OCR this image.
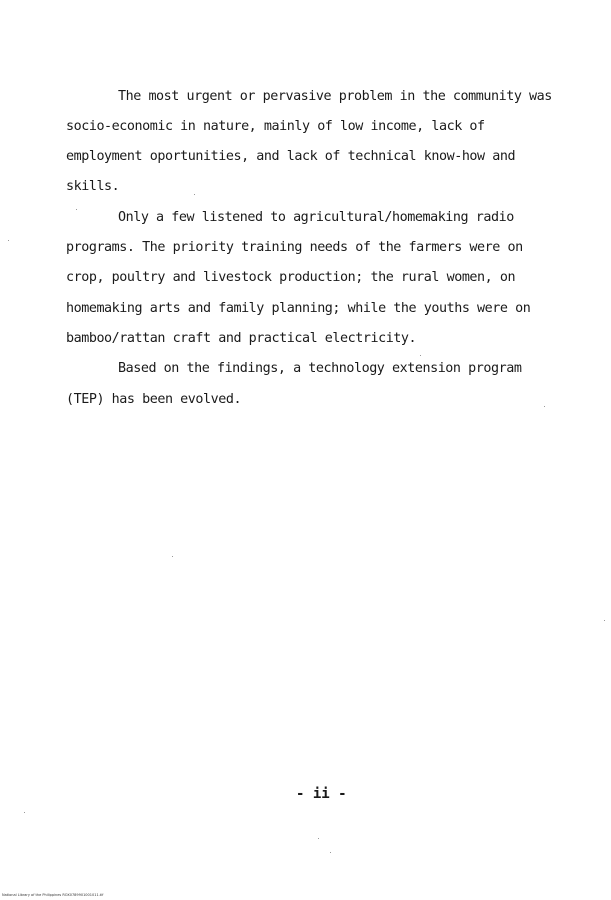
The most urgent or pervasive problem in the community was
socio-economic in nature, mainly of low income, lack of
employment oportunities, and lack of technical know-how and
skills.
Only a few listened to agricultural/homemaking radio
programs. The priority training needs of the farmers were on
crop, poultry and livestock production; the rural women, on
homemaking arts and family planning; while the youths were on
bamboo/rattan craft and practical electricity.
Based on the findings, a technology extension program
(TEP) has been evolved.
- ii -
National Library of the Philippines ROX0789901001011.tif
